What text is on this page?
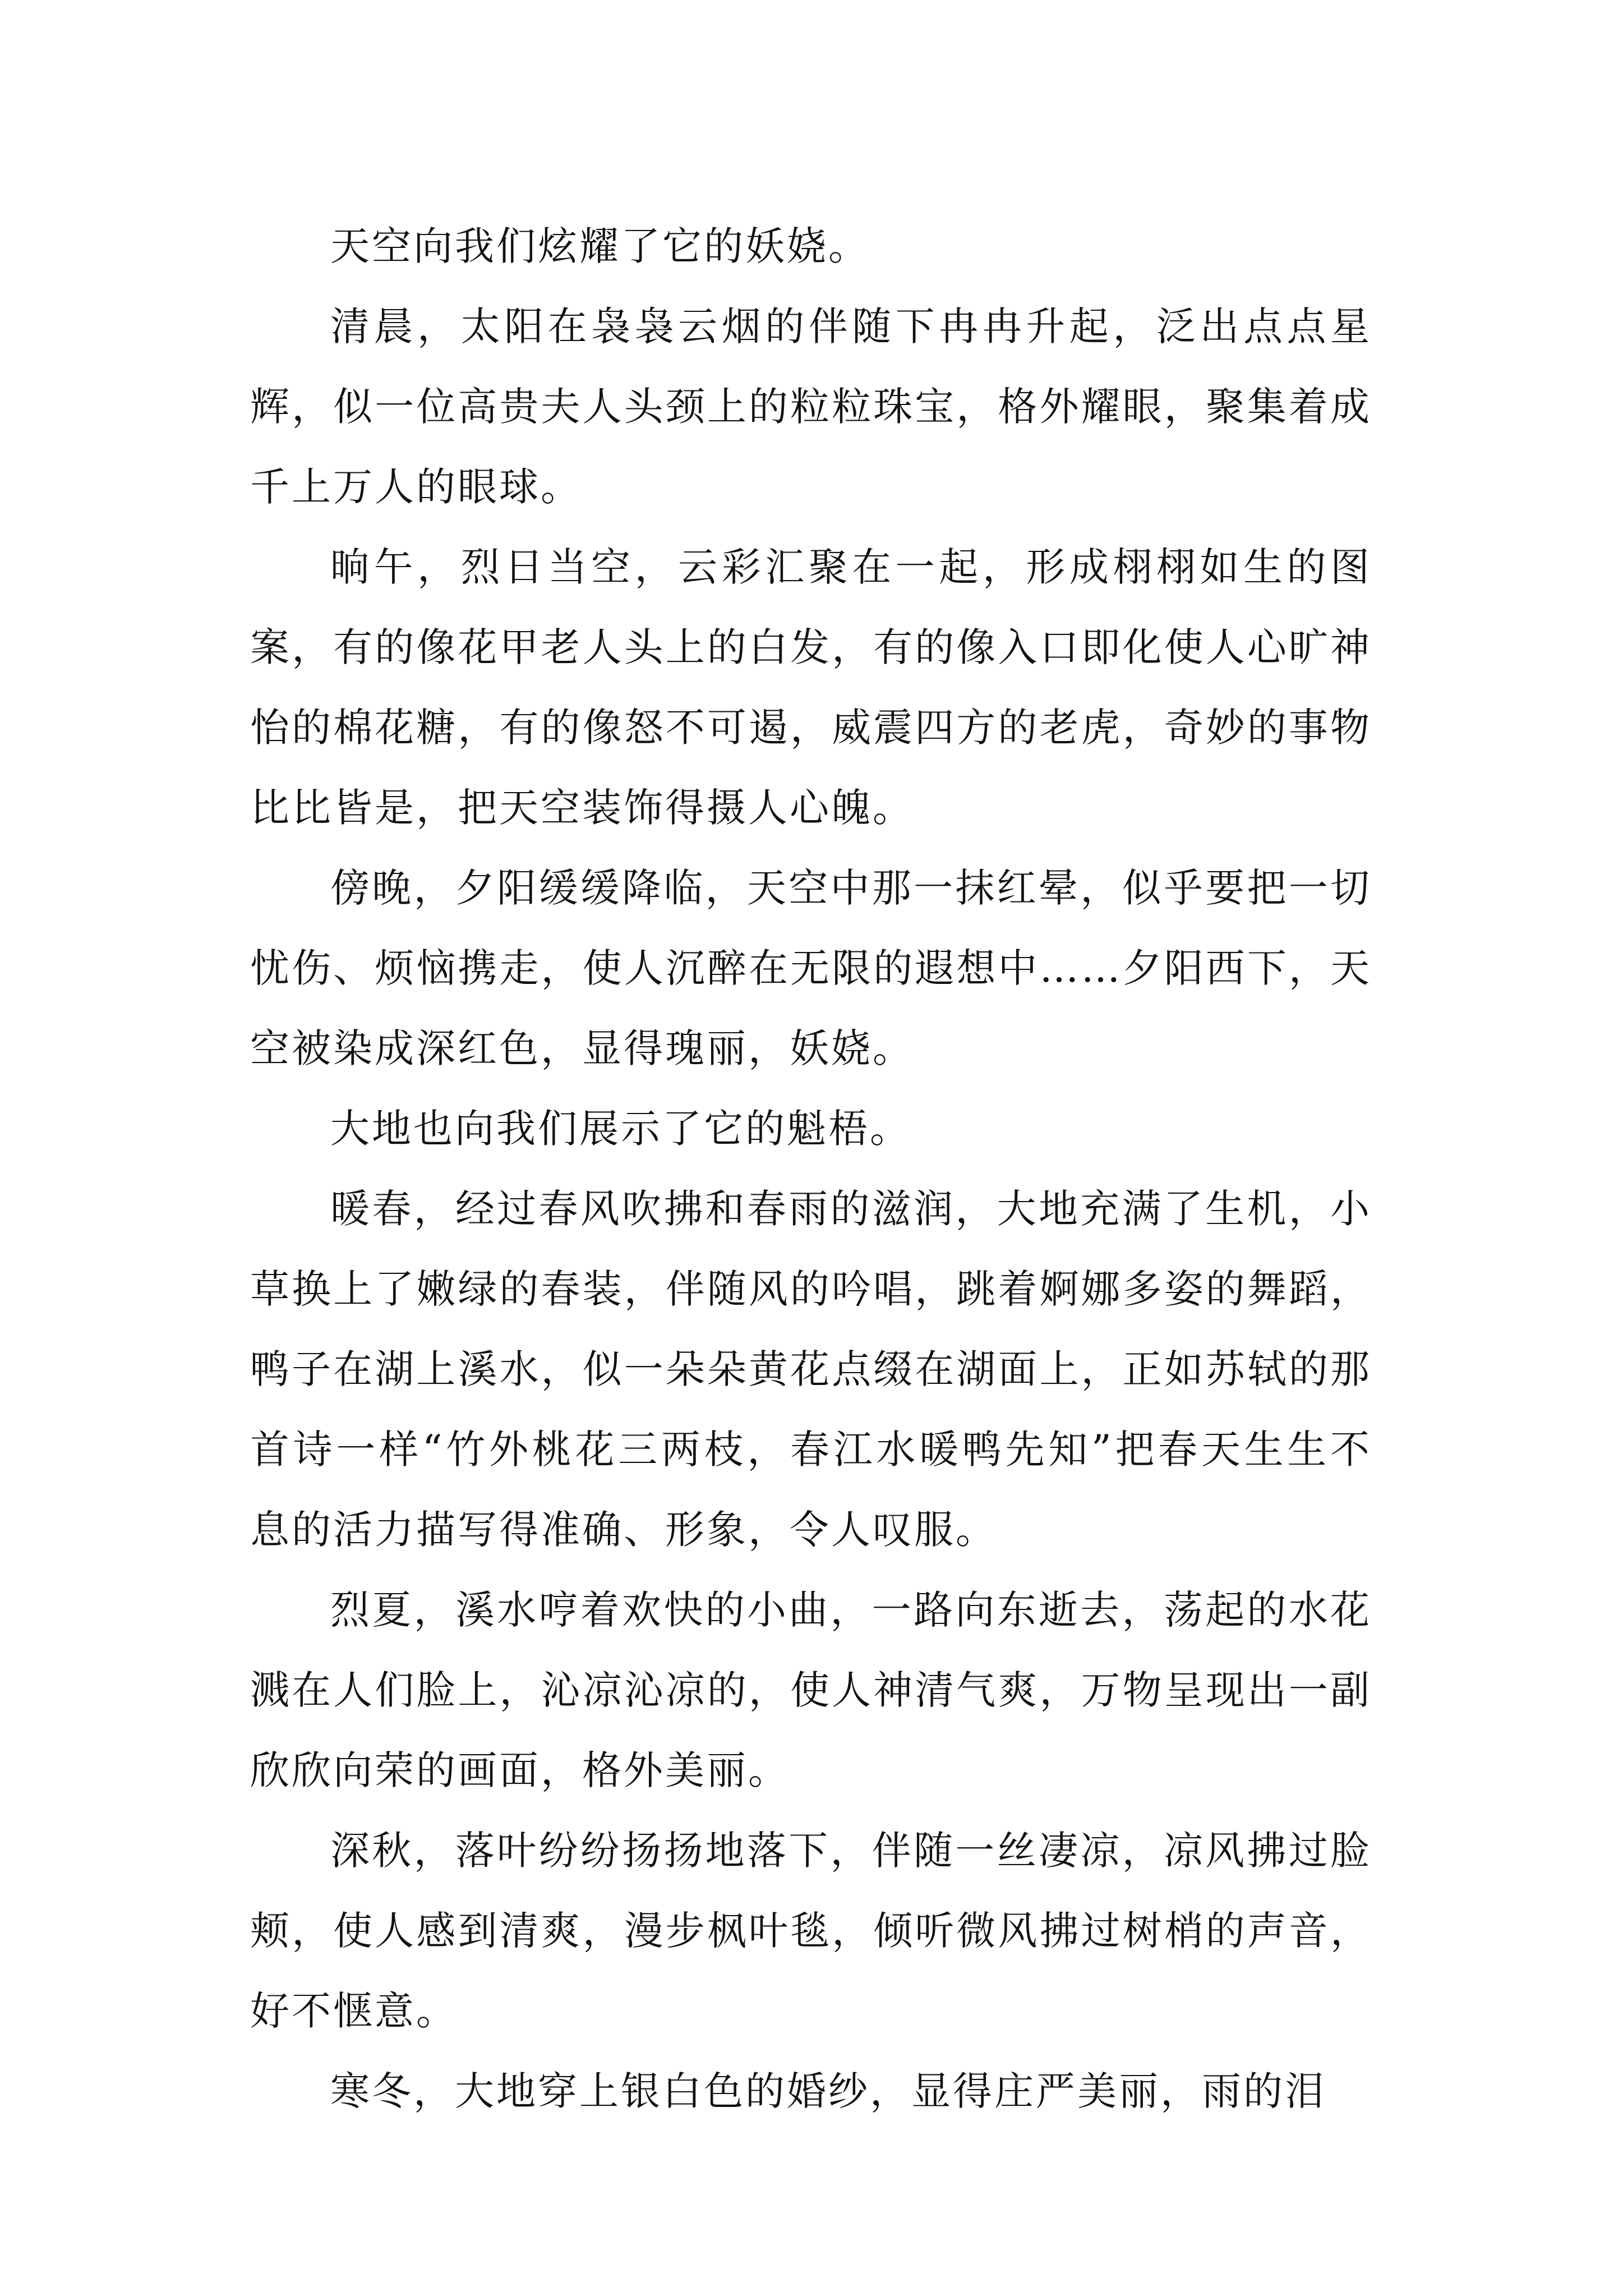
天空向我们炫耀了它的妖娆。

清晨，太阳在袅袅云烟的伴随下冉冉升起，泛出点点星辉，似一位高贵夫人头颈上的粒粒珠宝，格外耀眼，聚集着成千上万人的眼球。

晌午，烈日当空，云彩汇聚在一起，形成栩栩如生的图案，有的像花甲老人头上的白发，有的像入口即化使人心旷神怡的棉花糖，有的像怒不可遏，威震四方的老虎，奇妙的事物比比皆是，把天空装饰得摄人心魄。

傍晚，夕阳缓缓降临，天空中那一抹红晕，似乎要把一切忧伤、烦恼携走，使人沉醉在无限的遐想中……夕阳西下，天空被染成深红色，显得瑰丽，妖娆。

大地也向我们展示了它的魁梧。

暖春，经过春风吹拂和春雨的滋润，大地充满了生机，小草换上了嫩绿的春装，伴随风的吟唱，跳着婀娜多姿的舞蹈，鸭子在湖上溪水，似一朵朵黄花点缀在湖面上，正如苏轼的那首诗一样“竹外桃花三两枝，春江水暖鸭先知”把春天生生不息的活力描写得准确、形象，令人叹服。

烈夏，溪水哼着欢快的小曲，一路向东逝去，荡起的水花溅在人们脸上，沁凉沁凉的，使人神清气爽，万物呈现出一副欣欣向荣的画面，格外美丽。

深秋，落叶纷纷扬扬地落下，伴随一丝凄凉，凉风拂过脸颊，使人感到清爽，漫步枫叶毯，倾听微风拂过树梢的声音，好不惬意。

寒冬，大地穿上银白色的婚纱，显得庄严美丽，雨的泪
